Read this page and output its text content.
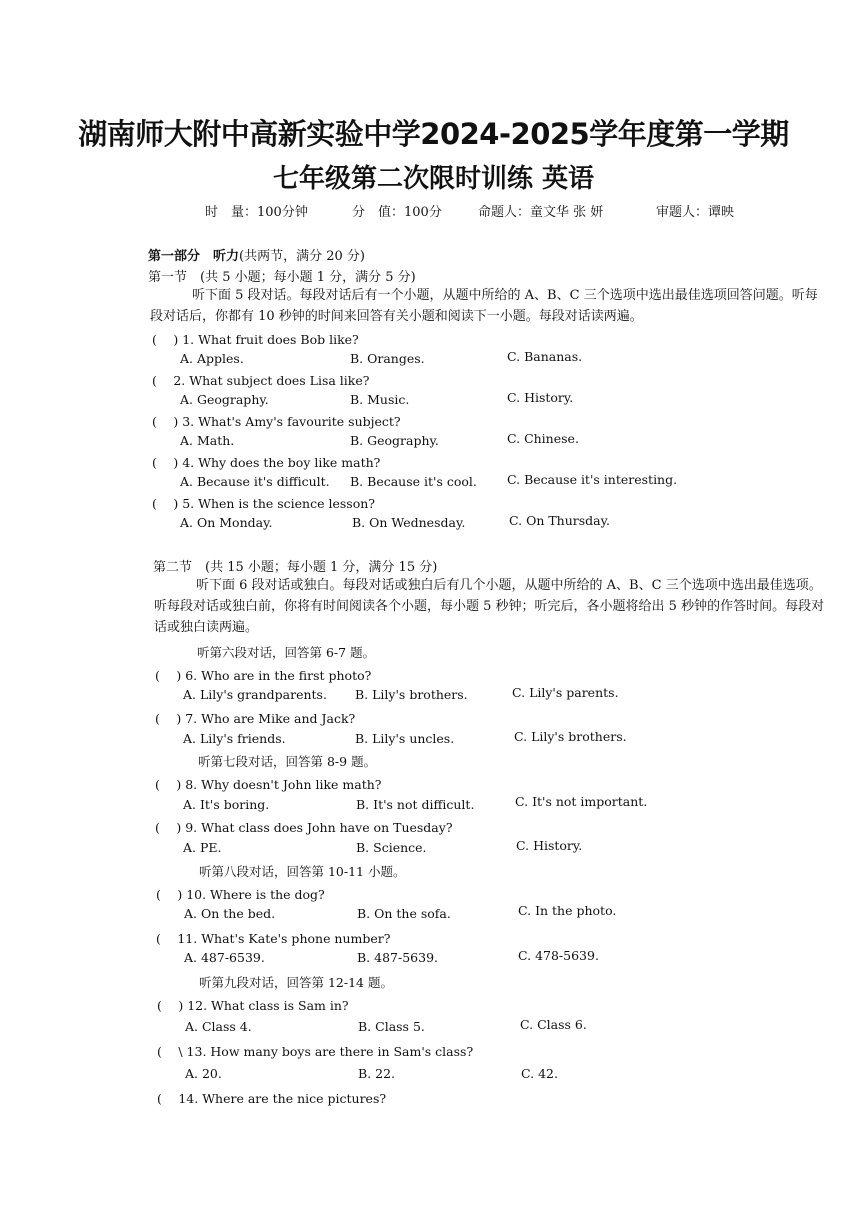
湖南师大附中高新实验中学2024-2025学年度第一学期
七年级第二次限时训练 英语
时　量：100分钟	分　值：100分	命题人：童文华 张 妍	审题人：谭映
第一部分　听力(共两节，满分 20 分)
第一节　(共 5 小题；每小题 1 分，满分 5 分)
听下面 5 段对话。每段对话后有一个小题，从题中所给的 A、B、C 三个选项中选出最佳选项回答问题。听每段对话后，你都有 10 秒钟的时间来回答有关小题和阅读下一小题。每段对话读两遍。
(　 ) 1. What fruit does Bob like?
A. Apples.	B. Oranges.	C. Bananas.
(　 2. What subject does Lisa like?
A. Geography.	B. Music.	C. History.
(　 ) 3. What's Amy's favourite subject?
A. Math.	B. Geography.	C. Chinese.
(　 ) 4. Why does the boy like math?
A. Because it's difficult. B. Because it's cool. C. Because it's interesting.
(　 ) 5. When is the science lesson?
A. On Monday.	B. On Wednesday.	C. On Thursday.
第二节　(共 15 小题；每小题 1 分，满分 15 分)
听下面 6 段对话或独白。每段对话或独白后有几个小题，从题中所给的 A、B、C 三个选项中选出最佳选项。听每段对话或独白前，你将有时间阅读各个小题，每小题 5 秒钟；听完后，各小题将给出 5 秒钟的作答时间。每段对话或独白读两遍。
听第六段对话，回答第 6-7 题。
(　 ) 6. Who are in the first photo?
A. Lily's grandparents. B. Lily's brothers.	C. Lily's parents.
(　 ) 7. Who are Mike and Jack?
A. Lily's friends.	B. Lily's uncles.	C. Lily's brothers.
听第七段对话，回答第 8-9 题。
(　 ) 8. Why doesn't John like math?
A. It's boring.	B. It's not difficult.	C. It's not important.
(　 ) 9. What class does John have on Tuesday?
A. PE.	B. Science.	C. History.
听第八段对话，回答第 10-11 小题。
(　 ) 10. Where is the dog?
A. On the bed.	B. On the sofa.	C. In the photo.
(　 11. What's Kate's phone number?
A. 487-6539.	B. 487-5639.	C. 478-5639.
听第九段对话，回答第 12-14 题。
(　 ) 12. What class is Sam in?
A. Class 4.	B. Class 5.	C. Class 6.
(　 \ 13. How many boys are there in Sam's class?
A. 20.	B. 22.	C. 42.
(　 14. Where are the nice pictures?
